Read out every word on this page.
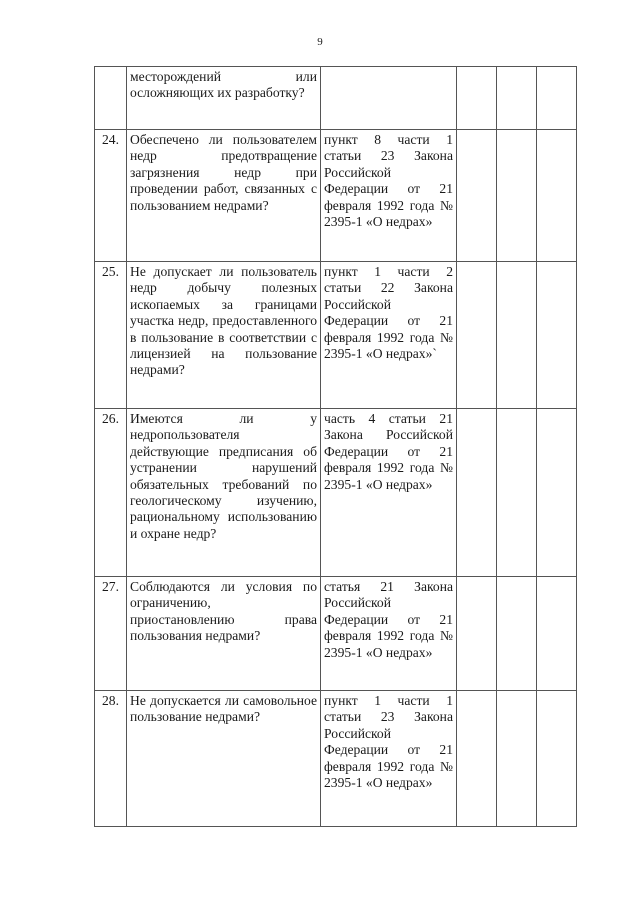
9
	месторождений или осложняющих их разработку?				
24.	Обеспечено ли пользователем недр предотвращение загрязнения недр при проведении работ, связанных с пользованием недрами?	пункт 8 части 1 статьи 23 Закона Российской Федерации от 21 февраля 1992 года № 2395-1 «О недрах»			
25.	Не допускает ли пользователь недр добычу полезных ископаемых за границами участка недр, предоставленного в пользование в соответствии с лицензией на пользование недрами?	пункт 1 части 2 статьи 22 Закона Российской Федерации от 21 февраля 1992 года № 2395-1 «О недрах»`			
26.	Имеются ли у недропользователя действующие предписания об устранении нарушений обязательных требований по геологическому изучению, рациональному использованию и охране недр?	часть 4 статьи 21 Закона Российской Федерации от 21 февраля 1992 года № 2395-1 «О недрах»			
27.	Соблюдаются ли условия по ограничению, приостановлению права пользования недрами?	статья 21 Закона Российской Федерации от 21 февраля 1992 года № 2395-1 «О недрах»			
28.	Не допускается ли самовольное пользование недрами?	пункт 1 части 1 статьи 23 Закона Российской Федерации от 21 февраля 1992 года № 2395-1 «О недрах»			
